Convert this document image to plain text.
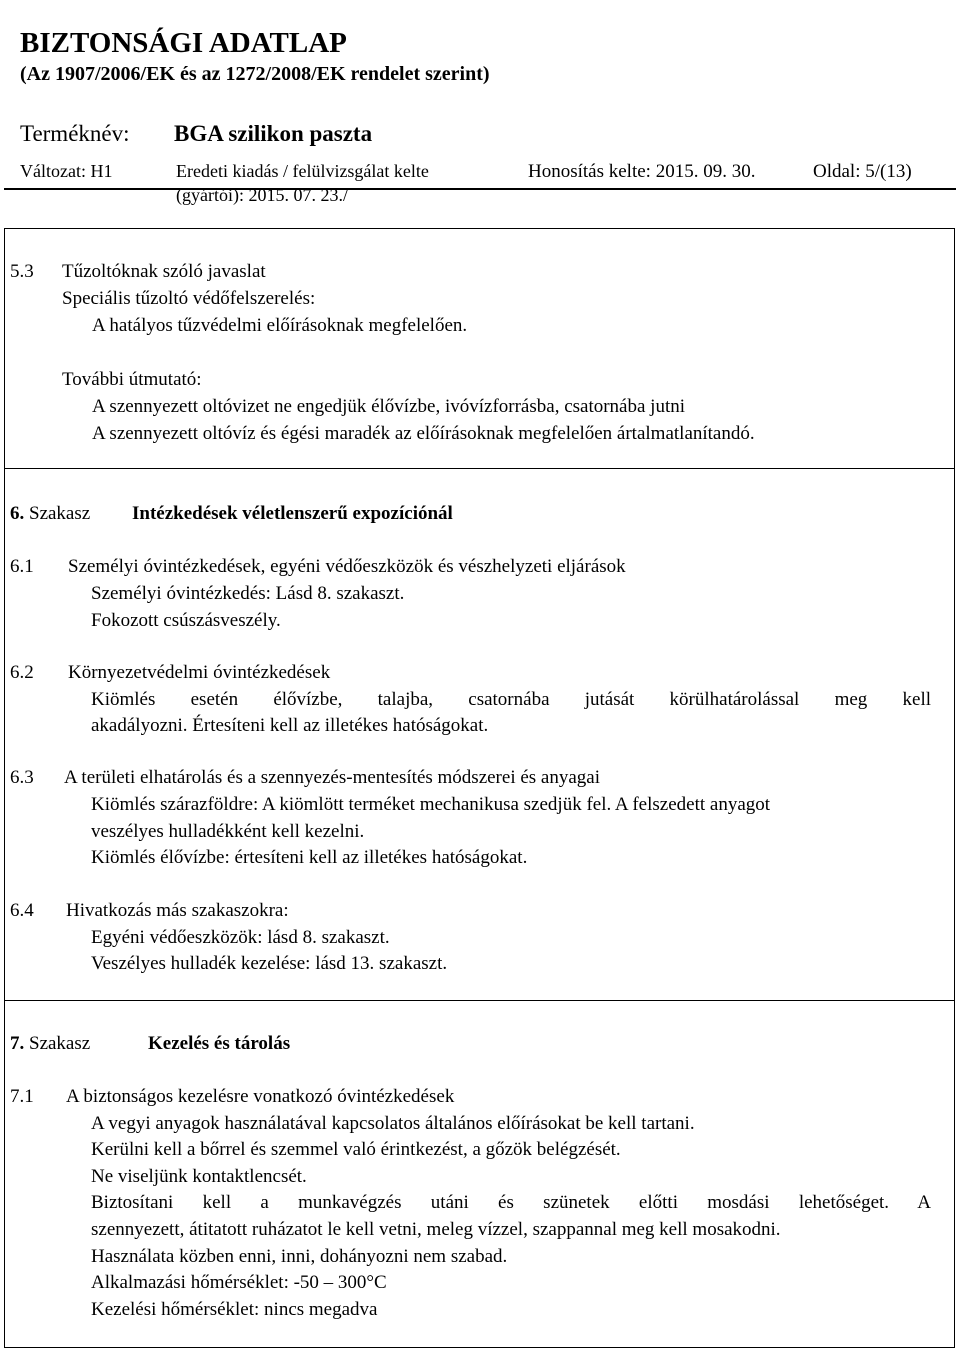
BIZTONSÁGI ADATLAP
(Az 1907/2006/EK és az 1272/2008/EK rendelet szerint)
Terméknév: BGA szilikon paszta
Változat: H1	Eredeti kiadás / felülvizsgálat kelte
(gyártói): 2015. 07. 23./
Honosítás kelte: 2015. 09. 30.	Oldal: 5/(13)
5.3 Tűzoltóknak szóló javaslat
Speciális tűzoltó védőfelszerelés:
A hatályos tűzvédelmi előírásoknak megfelelően.
További útmutató:
A szennyezett oltóvizet ne engedjük élővízbe, ivóvízforrásba, csatornába jutni
A szennyezett oltóvíz és égési maradék az előírásoknak megfelelően ártalmatlanítandó.
6. Szakasz Intézkedések véletlenszerű expozíciónál
6.1 Személyi óvintézkedések, egyéni védőeszközök és vészhelyzeti eljárások
Személyi óvintézkedés: Lásd 8. szakaszt.
Fokozott csúszásveszély.
6.2 Környezetvédelmi óvintézkedések
Kiömlés esetén élővízbe, talajba, csatornába jutását körülhatárolással meg kell
akadályozni. Értesíteni kell az illetékes hatóságokat.
6.3 A területi elhatárolás és a szennyezés-mentesítés módszerei és anyagai
Kiömlés szárazföldre: A kiömlött terméket mechanikusa szedjük fel. A felszedett anyagot
veszélyes hulladékként kell kezelni.
Kiömlés élővízbe: értesíteni kell az illetékes hatóságokat.
6.4 Hivatkozás más szakaszokra:
Egyéni védőeszközök: lásd 8. szakaszt.
Veszélyes hulladék kezelése: lásd 13. szakaszt.
7. Szakasz	Kezelés és tárolás
7.1 A biztonságos kezelésre vonatkozó óvintézkedések
A vegyi anyagok használatával kapcsolatos általános előírásokat be kell tartani.
Kerülni kell a bőrrel és szemmel való érintkezést, a gőzök belégzését.
Ne viseljünk kontaktlencsét.
Biztosítani kell a munkavégzés utáni és szünetek előtti mosdási lehetőséget. A
szennyezett, átitatott ruházatot le kell vetni, meleg vízzel, szappannal meg kell mosakodni.
Használata közben enni, inni, dohányozni nem szabad.
Alkalmazási hőmérséklet: -50 – 300°C
Kezelési hőmérséklet: nincs megadva
